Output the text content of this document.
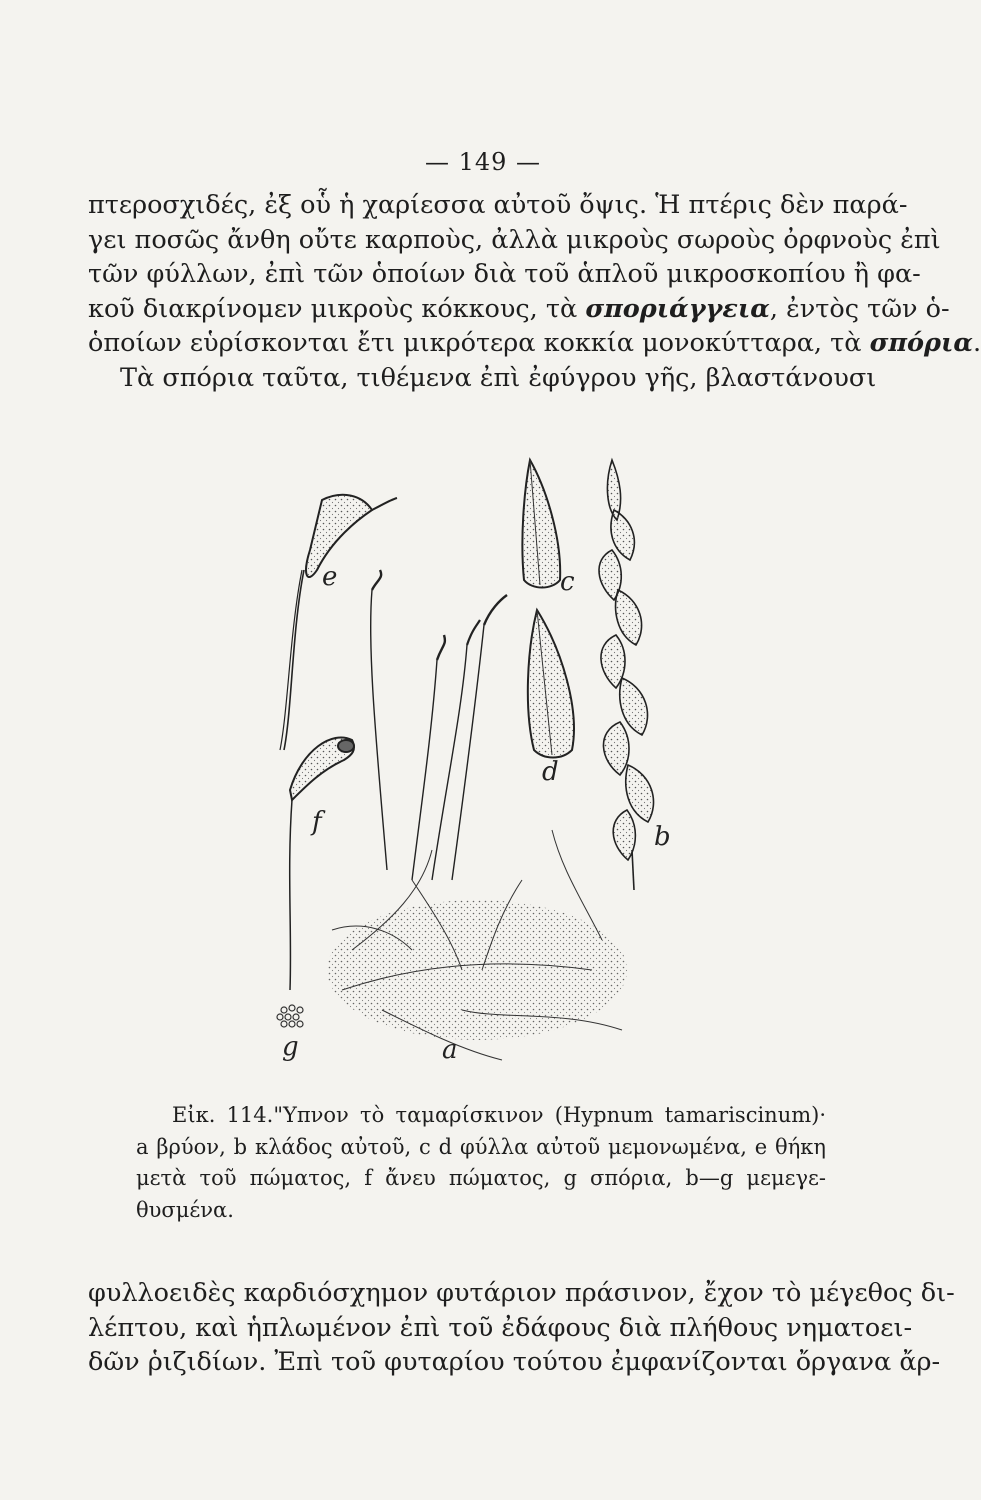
— 149 —
πτεροσχιδές, ἐξ οὗ ἡ χαρίεσσα αὐτοῦ ὄψις. Ἡ πτέρις δὲν παρά-
γει ποσῶς ἄνθη οὔτε καρποὺς, ἀλλὰ μικροὺς σωροὺς ὀρφνοὺς ἐπὶ
τῶν φύλλων, ἐπὶ τῶν ὁποίων διὰ τοῦ ἁπλοῦ μικροσκοπίου ἢ φα-
κοῦ διακρίνομεν μικροὺς κόκκους, τὰ σποριάγγεια, ἐντὸς τῶν ὁ-
ὁποίων εὑρίσκονται ἔτι μικρότερα κοκκία μονοκύτταρα, τὰ σπόρια.
Τὰ σπόρια ταῦτα, τιθέμενα ἐπὶ ἐφύγρου γῆς, βλαστάνουσι
e
f
g	a
c
d
b
Εἰκ. 114."Υπνον τὸ ταμαρίσκινον (Hypnum tamariscinum)·
a βρύον, b κλάδος αὐτοῦ, c d φύλλα αὐτοῦ μεμονωμένα, e θήκη
μετὰ τοῦ πώματος, f ἄνευ πώματος, g σπόρια, b—g μεμεγε-
θυσμένα.
φυλλοειδὲς καρδιόσχημον φυτάριον πράσινον, ἔχον τὸ μέγεθος δι-
λέπτου, καὶ ἡπλωμένον ἐπὶ τοῦ ἐδάφους διὰ πλήθους νηματοει-
δῶν ῥιζιδίων. Ἐπὶ τοῦ φυταρίου τούτου ἐμφανίζονται ὄργανα ἄρ-
